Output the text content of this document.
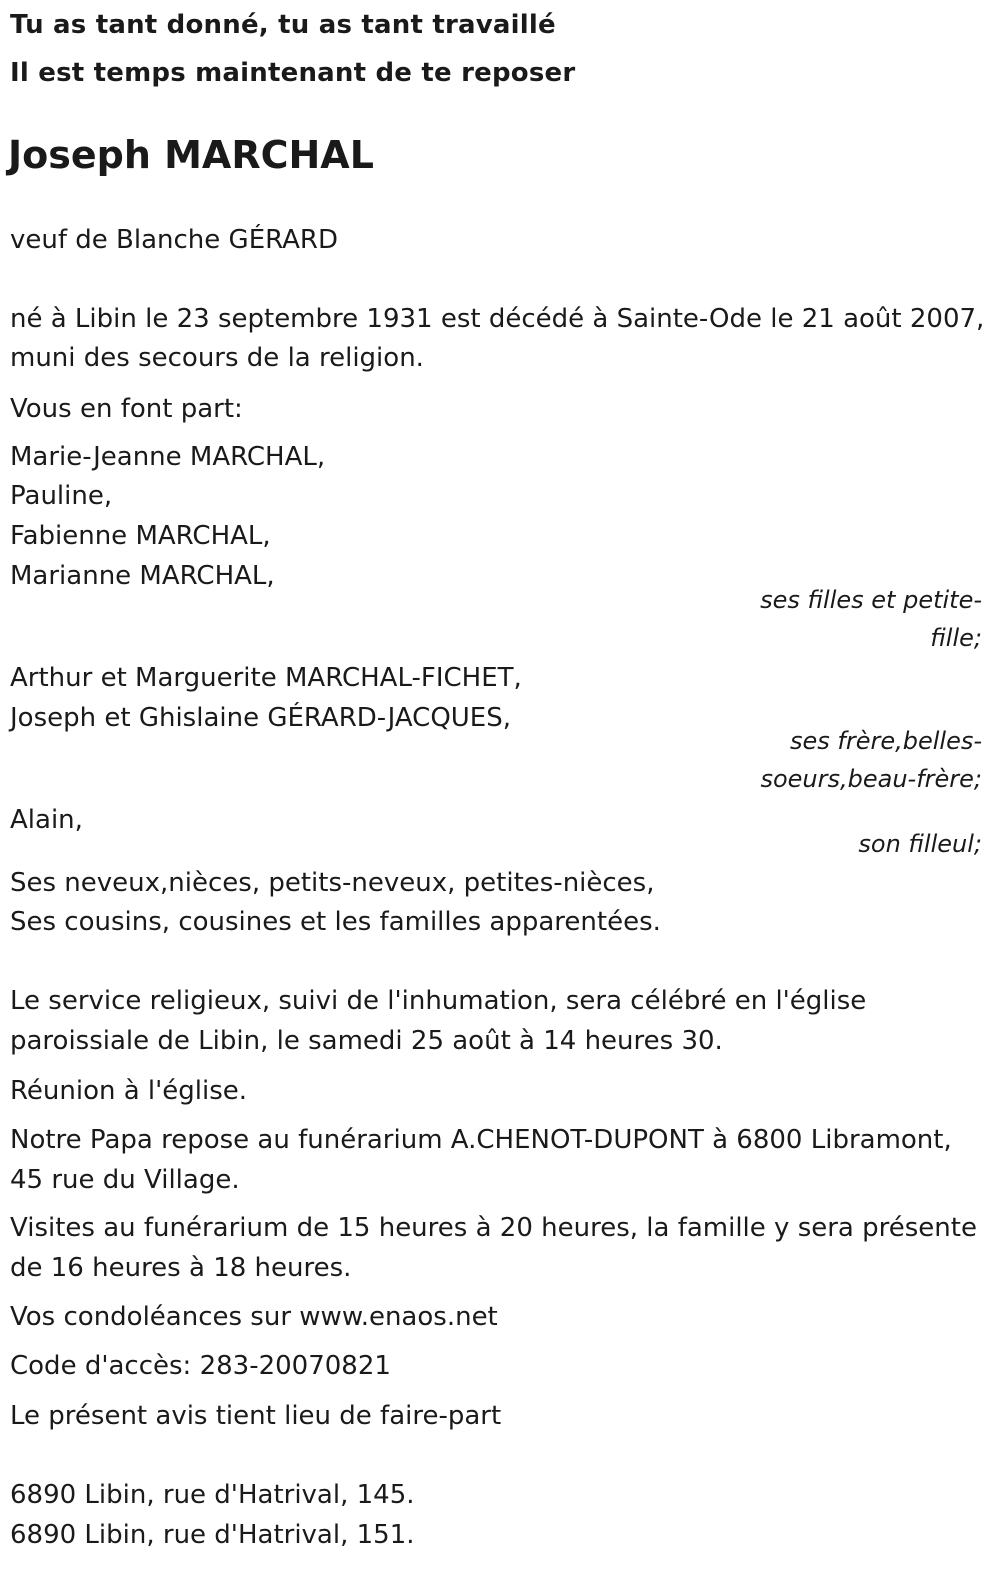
Tu as tant donné, tu as tant travaillé
Il est temps maintenant de te reposer
Joseph MARCHAL
veuf de Blanche GÉRARD
né à Libin le 23 septembre 1931 est décédé à Sainte-Ode le 21 août 2007,
muni des secours de la religion.
Vous en font part:
Marie-Jeanne MARCHAL,
Pauline,
Fabienne MARCHAL,
Marianne MARCHAL,
ses filles et petite-fille;
Arthur et Marguerite MARCHAL-FICHET,
Joseph et Ghislaine GÉRARD-JACQUES,
ses frère,belles-soeurs,beau-frère;
Alain,
son filleul;
Ses neveux,nièces, petits-neveux, petites-nièces,
Ses cousins, cousines et les familles apparentées.
Le service religieux, suivi de l'inhumation, sera célébré en l'église
paroissiale de Libin, le samedi 25 août à 14 heures 30.
Réunion à l'église.
Notre Papa repose au funérarium A.CHENOT-DUPONT à 6800 Libramont,
45 rue du Village.
Visites au funérarium de 15 heures à 20 heures, la famille y sera présente
de 16 heures à 18 heures.
Vos condoléances sur www.enaos.net
Code d'accès: 283-20070821
Le présent avis tient lieu de faire-part
6890 Libin, rue d'Hatrival, 145.
6890 Libin, rue d'Hatrival, 151.
